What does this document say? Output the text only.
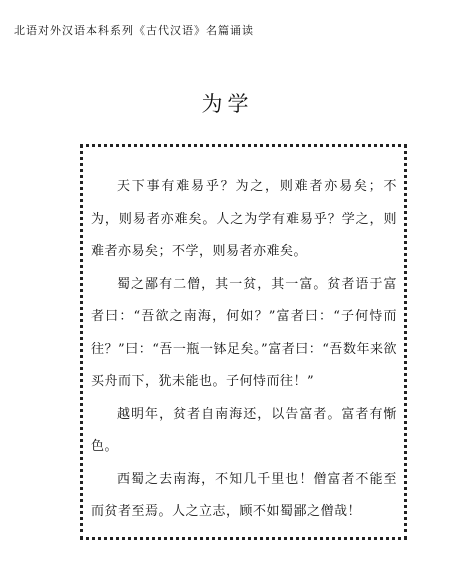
北语对外汉语本科系列《古代汉语》名篇诵读
为学

天下事有难易乎？为之，则难者亦易矣；不为，则易者亦难矣。人之为学有难易乎？学之，则难者亦易矣；不学，则易者亦难矣。

蜀之鄙有二僧，其一贫，其一富。贫者语于富者曰：“吾欲之南海，何如？”富者曰：“子何恃而往？”曰：“吾一瓶一钵足矣。”富者曰：“吾数年来欲买舟而下，犹未能也。子何恃而往！”

越明年，贫者自南海还，以告富者。富者有惭色。

西蜀之去南海，不知几千里也！僧富者不能至而贫者至焉。人之立志，顾不如蜀鄙之僧哉！
